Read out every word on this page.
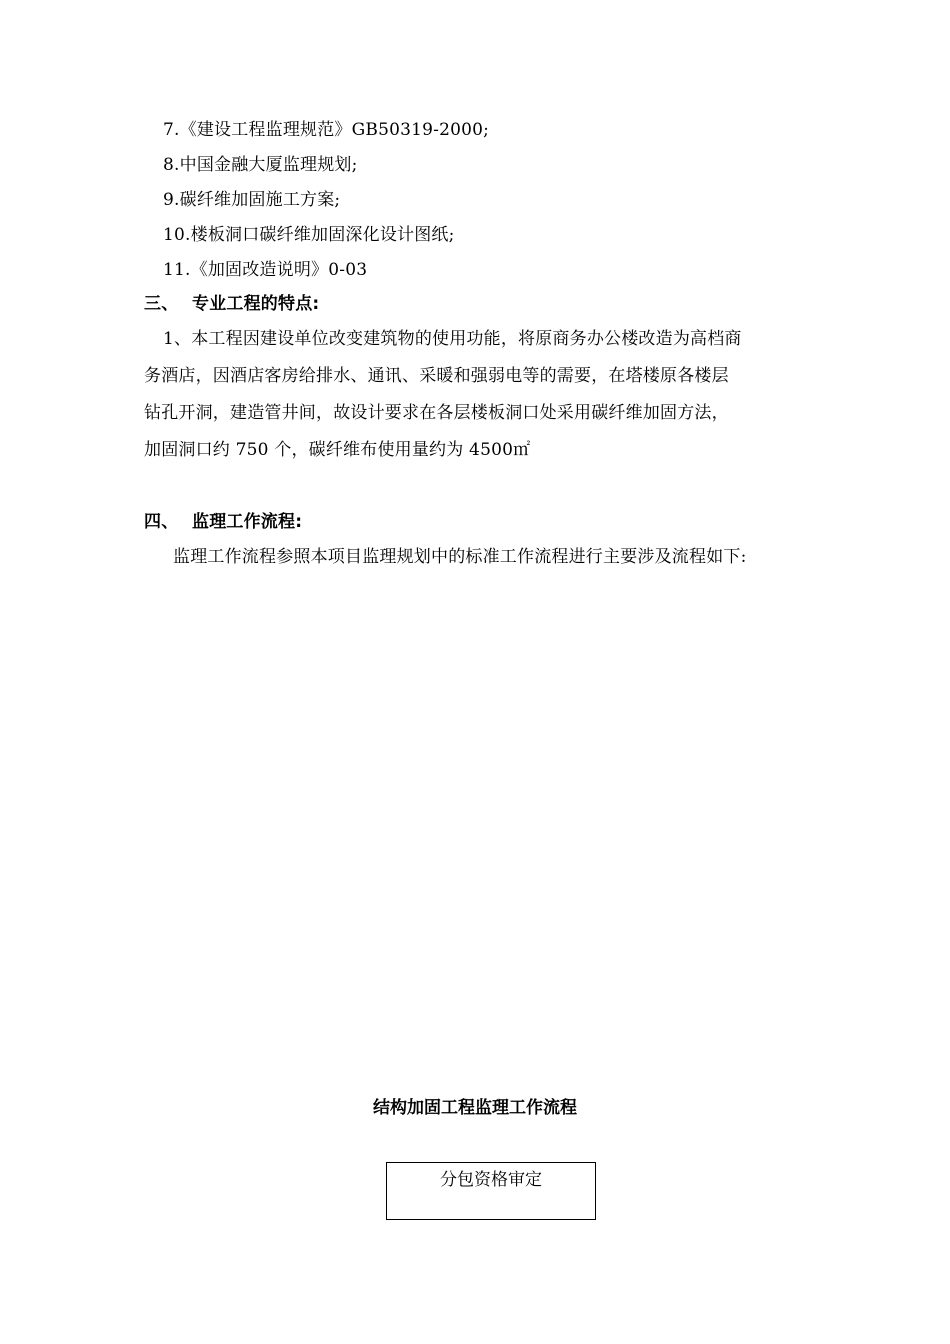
7.《建设工程监理规范》GB50319-2000;
8.中国金融大厦监理规划;
9.碳纤维加固施工方案;
10.楼板洞口碳纤维加固深化设计图纸;
11.《加固改造说明》0-03
三、 专业工程的特点:
1、本工程因建设单位改变建筑物的使用功能，将原商务办公楼改造为高档商
务酒店，因酒店客房给排水、通讯、采暖和强弱电等的需要，在塔楼原各楼层
钻孔开洞，建造管井间，故设计要求在各层楼板洞口处采用碳纤维加固方法，
加固洞口约 750 个，碳纤维布使用量约为 4500㎡
四、 监理工作流程:
监理工作流程参照本项目监理规划中的标准工作流程进行主要涉及流程如下:
结构加固工程监理工作流程
分包资格审定
